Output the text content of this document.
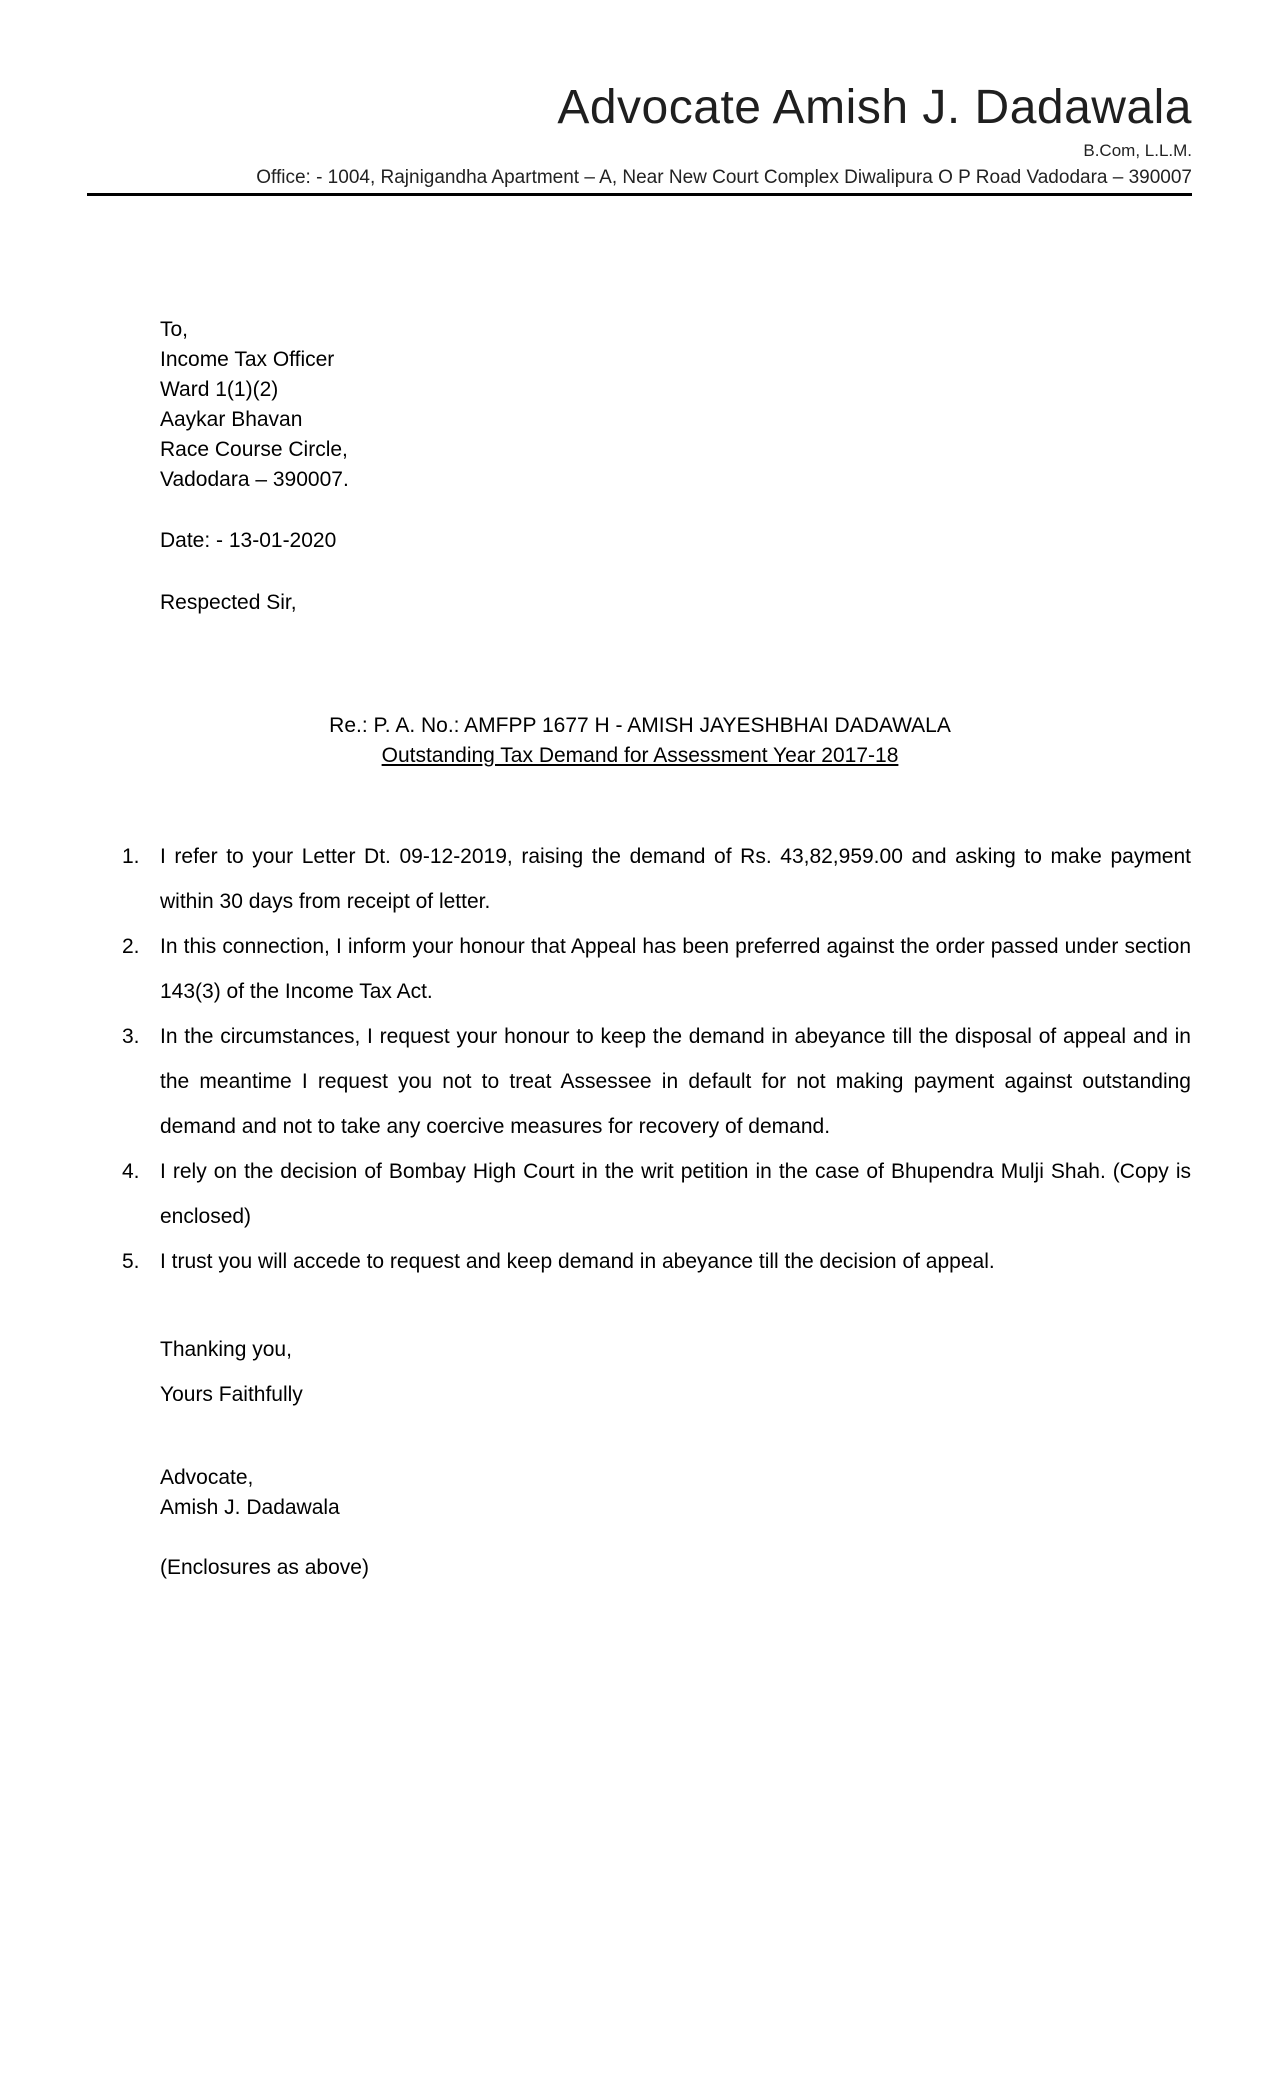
Advocate Amish J. Dadawala
B.Com, L.L.M.
Office: - 1004, Rajnigandha Apartment – A, Near New Court Complex Diwalipura O P Road Vadodara – 390007
To,
Income Tax Officer
Ward 1(1)(2)
Aaykar Bhavan
Race Course Circle,
Vadodara – 390007.
Date: - 13-01-2020
Respected Sir,
Re.: P. A. No.: AMFPP 1677 H - AMISH JAYESHBHAI DADAWALA
Outstanding Tax Demand for Assessment Year 2017-18
1. I refer to your Letter Dt. 09-12-2019, raising the demand of Rs. 43,82,959.00 and asking to make payment within 30 days from receipt of letter.
2. In this connection, I inform your honour that Appeal has been preferred against the order passed under section 143(3) of the Income Tax Act.
3. In the circumstances, I request your honour to keep the demand in abeyance till the disposal of appeal and in the meantime I request you not to treat Assessee in default for not making payment against outstanding demand and not to take any coercive measures for recovery of demand.
4. I rely on the decision of Bombay High Court in the writ petition in the case of Bhupendra Mulji Shah. (Copy is enclosed)
5. I trust you will accede to request and keep demand in abeyance till the decision of appeal.
Thanking you,
Yours Faithfully
Advocate,
Amish J. Dadawala
(Enclosures as above)
